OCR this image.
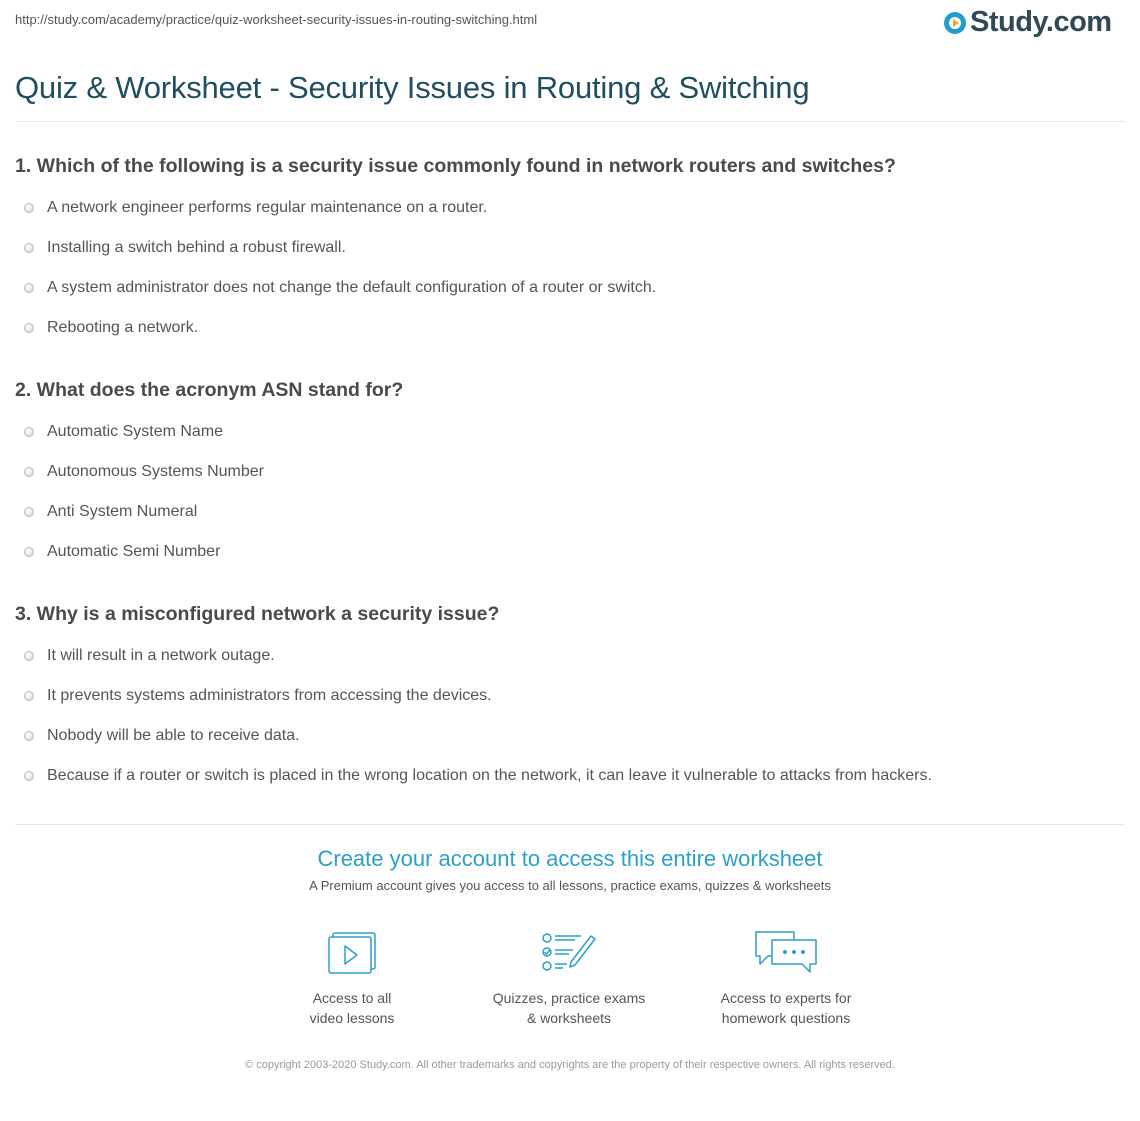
http://study.com/academy/practice/quiz-worksheet-security-issues-in-routing-switching.html	Study.com
Quiz & Worksheet - Security Issues in Routing & Switching
1. Which of the following is a security issue commonly found in network routers and switches?
A network engineer performs regular maintenance on a router.
Installing a switch behind a robust firewall.
A system administrator does not change the default configuration of a router or switch.
Rebooting a network.
2. What does the acronym ASN stand for?
Automatic System Name
Autonomous Systems Number
Anti System Numeral
Automatic Semi Number
3. Why is a misconfigured network a security issue?
It will result in a network outage.
It prevents systems administrators from accessing the devices.
Nobody will be able to receive data.
Because if a router or switch is placed in the wrong location on the network, it can leave it vulnerable to attacks from hackers.
Create your account to access this entire worksheet
A Premium account gives you access to all lessons, practice exams, quizzes & worksheets
Access to all
video lessons
Quizzes, practice exams
& worksheets
Access to experts for
homework questions
© copyright 2003-2020 Study.com. All other trademarks and copyrights are the property of their respective owners. All rights reserved.
